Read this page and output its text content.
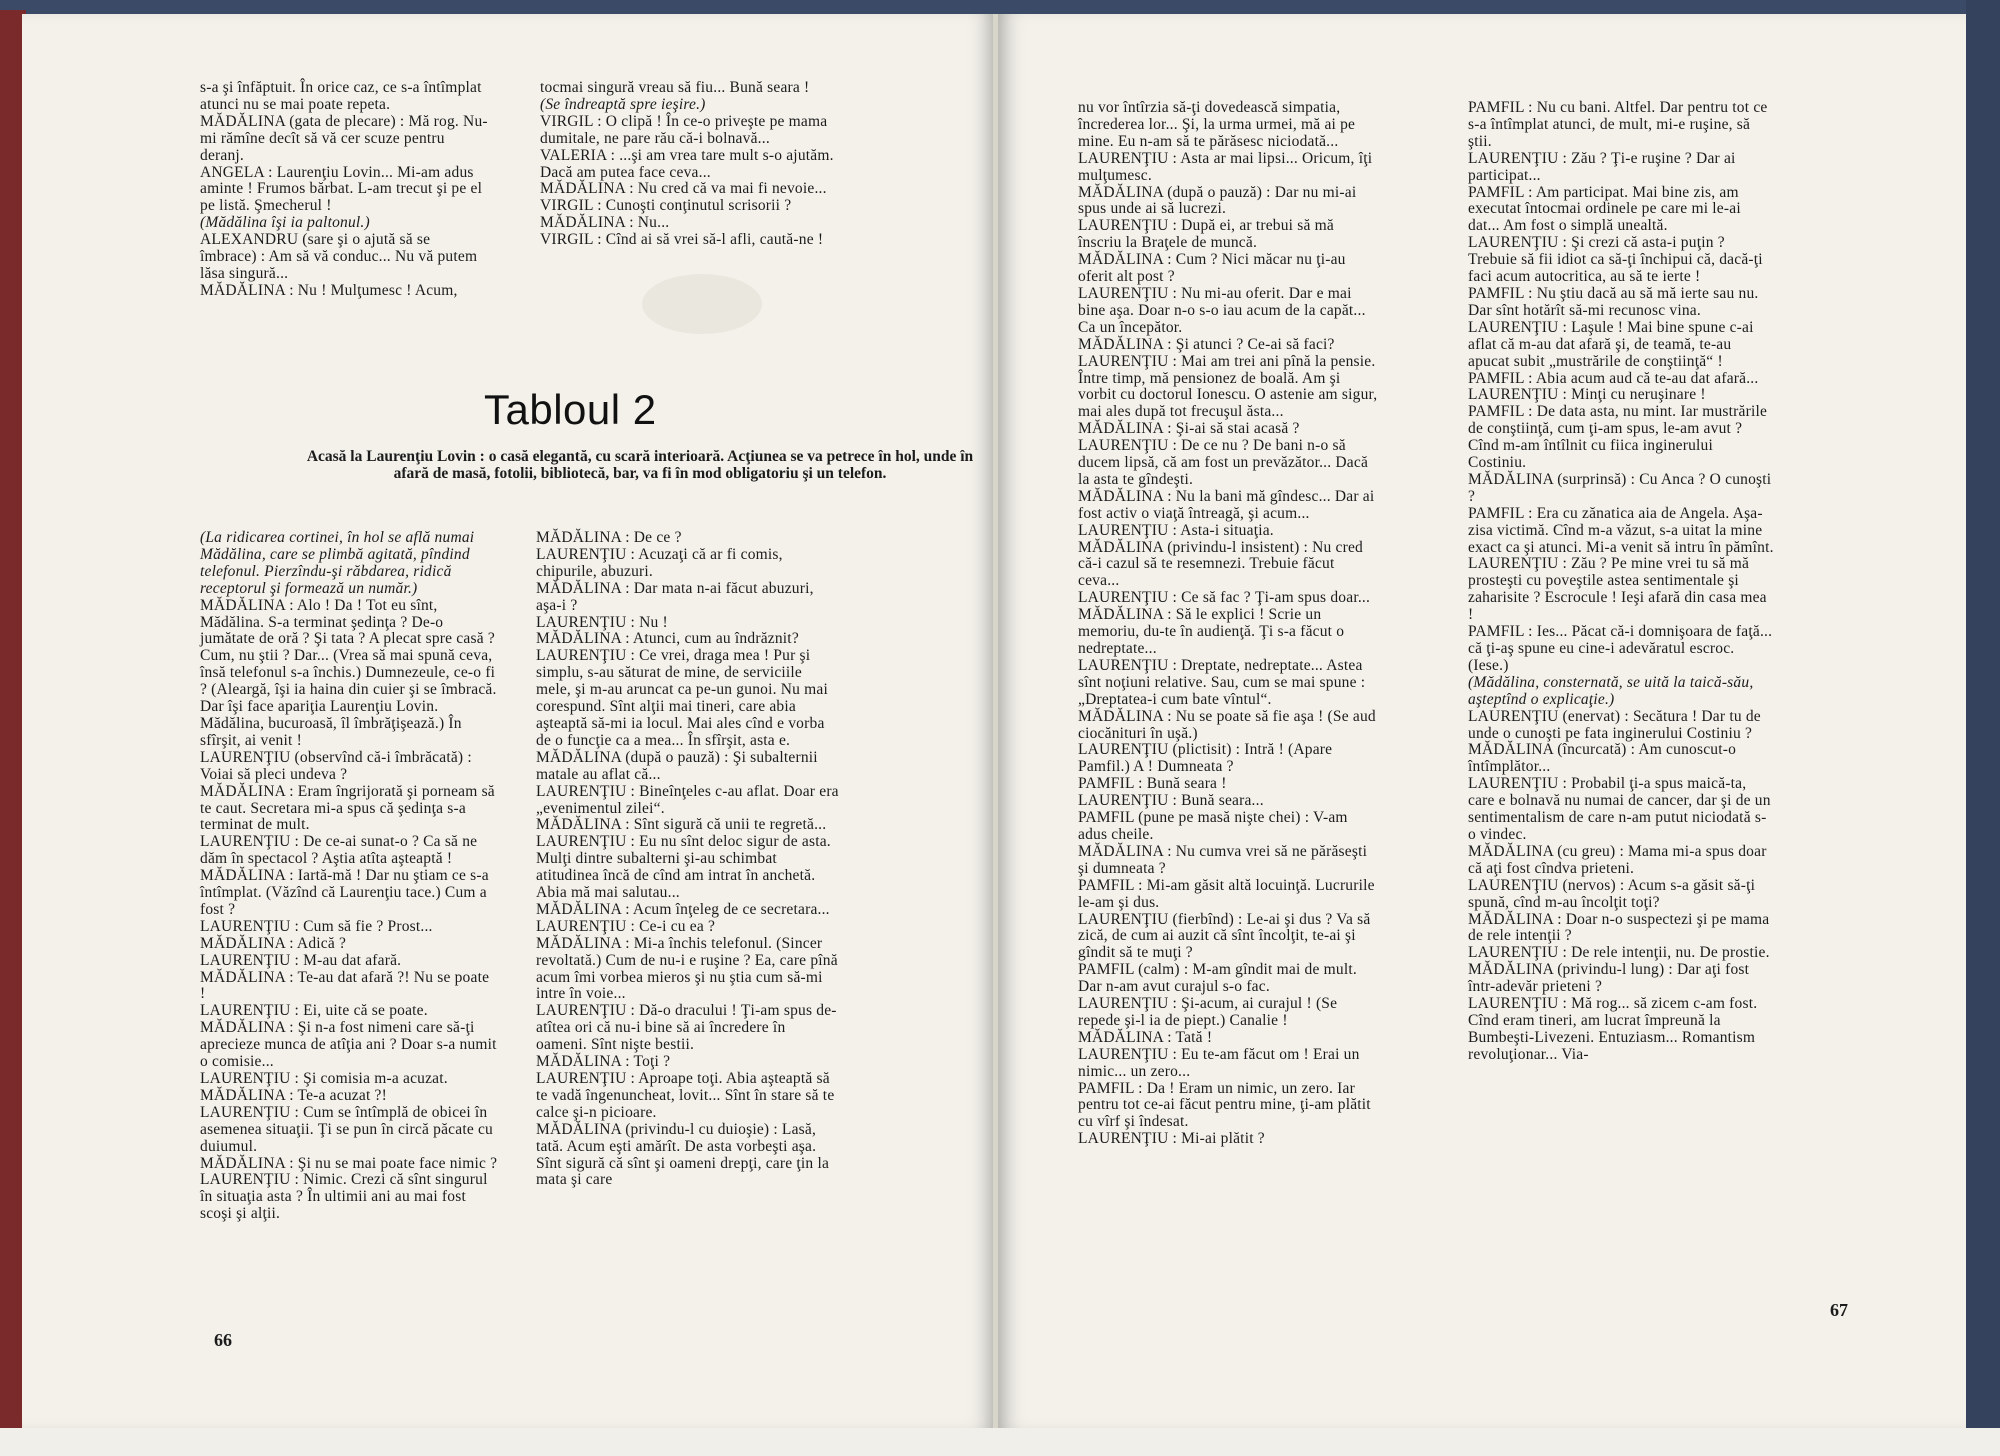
s-a şi înfăptuit. În orice caz, ce s-a întîmplat atunci nu se mai poate repeta.

MĂDĂLINA (gata de plecare) : Mă rog. Nu-mi rămîne decît să vă cer scuze pentru deranj.

ANGELA : Laurenţiu Lovin... Mi-am adus aminte ! Frumos bărbat. L-am trecut şi pe el pe listă. Şmecherul !

(Mădălina îşi ia paltonul.)

ALEXANDRU (sare şi o ajută să se îmbrace) : Am să vă conduc... Nu vă putem lăsa singură...

MĂDĂLINA : Nu ! Mulţumesc ! Acum,

tocmai singură vreau să fiu... Bună seara !

(Se îndreaptă spre ieşire.)

VIRGIL : O clipă ! În ce-o priveşte pe mama dumitale, ne pare rău că-i bolnavă...

VALERIA : ...şi am vrea tare mult s-o ajutăm. Dacă am putea face ceva...

MĂDĂLINA : Nu cred că va mai fi nevoie...

VIRGIL : Cunoşti conţinutul scrisorii ?

MĂDĂLINA : Nu...

VIRGIL : Cînd ai să vrei să-l afli, caută-ne !

Tabloul 2
Acasă la Laurenţiu Lovin : o casă elegantă, cu scară interioară. Acţiunea se va petrece în hol, unde în afară de masă, fotolii, bibliotecă, bar, va fi în mod obligatoriu şi un telefon.

(La ridicarea cortinei, în hol se află numai Mădălina, care se plimbă agitată, pîndind telefonul. Pierzîndu-şi răbdarea, ridică receptorul şi formează un număr.)

MĂDĂLINA : Alo ! Da ! Tot eu sînt, Mădălina. S-a terminat şedinţa ? De-o jumătate de oră ? Şi tata ? A plecat spre casă ? Cum, nu ştii ? Dar... (Vrea să mai spună ceva, însă telefonul s-a închis.) Dumnezeule, ce-o fi ? (Aleargă, îşi ia haina din cuier şi se îmbracă. Dar îşi face apariţia Laurenţiu Lovin. Mădălina, bucuroasă, îl îmbrăţişează.) În sfîrşit, ai venit !

LAURENŢIU (observînd că-i îmbrăcată) : Voiai să pleci undeva ?

MĂDĂLINA : Eram îngrijorată şi porneam să te caut. Secretara mi-a spus că şedinţa s-a terminat de mult.

LAURENŢIU : De ce-ai sunat-o ? Ca să ne dăm în spectacol ? Aştia atîta aşteaptă !

MĂDĂLINA : Iartă-mă ! Dar nu ştiam ce s-a întîmplat. (Văzînd că Laurenţiu tace.) Cum a fost ?

LAURENŢIU : Cum să fie ? Prost...

MĂDĂLINA : Adică ?

LAURENŢIU : M-au dat afară.

MĂDĂLINA : Te-au dat afară ?! Nu se poate !

LAURENŢIU : Ei, uite că se poate.

MĂDĂLINA : Şi n-a fost nimeni care să-ţi aprecieze munca de atîţia ani ? Doar s-a numit o comisie...

LAURENŢIU : Şi comisia m-a acuzat.

MĂDĂLINA : Te-a acuzat ?!

LAURENŢIU : Cum se întîmplă de obicei în asemenea situaţii. Ţi se pun în circă păcate cu duiumul.

MĂDĂLINA : Şi nu se mai poate face nimic ?

LAURENŢIU : Nimic. Crezi că sînt singurul în situaţia asta ? În ultimii ani au mai fost scoşi şi alţii.

MĂDĂLINA : De ce ?

LAURENŢIU : Acuzaţi că ar fi comis, chipurile, abuzuri.

MĂDĂLINA : Dar mata n-ai făcut abuzuri, aşa-i ?

LAURENŢIU : Nu !

MĂDĂLINA : Atunci, cum au îndrăznit?

LAURENŢIU : Ce vrei, draga mea ! Pur şi simplu, s-au săturat de mine, de serviciile mele, şi m-au aruncat ca pe-un gunoi. Nu mai corespund. Sînt alţii mai tineri, care abia aşteaptă să-mi ia locul. Mai ales cînd e vorba de o funcţie ca a mea... În sfîrşit, asta e.

MĂDĂLINA (după o pauză) : Şi subalternii matale au aflat că...

LAURENŢIU : Bineînţeles c-au aflat. Doar era „evenimentul zilei“.

MĂDĂLINA : Sînt sigură că unii te regretă...

LAURENŢIU : Eu nu sînt deloc sigur de asta. Mulţi dintre subalterni şi-au schimbat atitudinea încă de cînd am intrat în anchetă. Abia mă mai salutau...

MĂDĂLINA : Acum înţeleg de ce secretara...

LAURENŢIU : Ce-i cu ea ?

MĂDĂLINA : Mi-a închis telefonul. (Sincer revoltată.) Cum de nu-i e ruşine ? Ea, care pînă acum îmi vorbea mieros şi nu ştia cum să-mi intre în voie...

LAURENŢIU : Dă-o dracului ! Ţi-am spus de-atîtea ori că nu-i bine să ai încredere în oameni. Sînt nişte bestii.

MĂDĂLINA : Toţi ?

LAURENŢIU : Aproape toţi. Abia aşteaptă să te vadă îngenuncheat, lovit... Sînt în stare să te calce şi-n picioare.

MĂDĂLINA (privindu-l cu duioşie) : Lasă, tată. Acum eşti amărît. De asta vorbeşti aşa. Sînt sigură că sînt şi oameni drepţi, care ţin la mata şi care

66

nu vor întîrzia să-ţi dovedească simpatia, încrederea lor... Şi, la urma urmei, mă ai pe mine. Eu n-am să te părăsesc niciodată...

LAURENŢIU : Asta ar mai lipsi... Oricum, îţi mulţumesc.

MĂDĂLINA (după o pauză) : Dar nu mi-ai spus unde ai să lucrezi.

LAURENŢIU : După ei, ar trebui să mă înscriu la Braţele de muncă.

MĂDĂLINA : Cum ? Nici măcar nu ţi-au oferit alt post ?

LAURENŢIU : Nu mi-au oferit. Dar e mai bine aşa. Doar n-o s-o iau acum de la capăt... Ca un începător.

MĂDĂLINA : Şi atunci ? Ce-ai să faci?

LAURENŢIU : Mai am trei ani pînă la pensie. Între timp, mă pensionez de boală. Am şi vorbit cu doctorul Ionescu. O astenie am sigur, mai ales după tot frecuşul ăsta...

MĂDĂLINA : Şi-ai să stai acasă ?

LAURENŢIU : De ce nu ? De bani n-o să ducem lipsă, că am fost un prevăzător... Dacă la asta te gîndeşti.

MĂDĂLINA : Nu la bani mă gîndesc... Dar ai fost activ o viaţă întreagă, şi acum...

LAURENŢIU : Asta-i situaţia.

MĂDĂLINA (privindu-l insistent) : Nu cred că-i cazul să te resemnezi. Trebuie făcut ceva...

LAURENŢIU : Ce să fac ? Ţi-am spus doar...

MĂDĂLINA : Să le explici ! Scrie un memoriu, du-te în audienţă. Ţi s-a făcut o nedreptate...

LAURENŢIU : Dreptate, nedreptate... Astea sînt noţiuni relative. Sau, cum se mai spune : „Dreptatea-i cum bate vîntul“.

MĂDĂLINA : Nu se poate să fie aşa ! (Se aud ciocănituri în uşă.)

LAURENŢIU (plictisit) : Intră ! (Apare Pamfil.) A ! Dumneata ?

PAMFIL : Bună seara !

LAURENŢIU : Bună seara...

PAMFIL (pune pe masă nişte chei) : V-am adus cheile.

MĂDĂLINA : Nu cumva vrei să ne părăseşti şi dumneata ?

PAMFIL : Mi-am găsit altă locuinţă. Lucrurile le-am şi dus.

LAURENŢIU (fierbînd) : Le-ai şi dus ? Va să zică, de cum ai auzit că sînt încolţit, te-ai şi gîndit să te muţi ?

PAMFIL (calm) : M-am gîndit mai de mult. Dar n-am avut curajul s-o fac.

LAURENŢIU : Şi-acum, ai curajul ! (Se repede şi-l ia de piept.) Canalie !

MĂDĂLINA : Tată !

LAURENŢIU : Eu te-am făcut om ! Erai un nimic... un zero...

PAMFIL : Da ! Eram un nimic, un zero. Iar pentru tot ce-ai făcut pentru mine, ţi-am plătit cu vîrf şi îndesat.

LAURENŢIU : Mi-ai plătit ?

PAMFIL : Nu cu bani. Altfel. Dar pentru tot ce s-a întîmplat atunci, de mult, mi-e ruşine, să ştii.

LAURENŢIU : Zău ? Ţi-e ruşine ? Dar ai participat...

PAMFIL : Am participat. Mai bine zis, am executat întocmai ordinele pe care mi le-ai dat... Am fost o simplă unealtă.

LAURENŢIU : Şi crezi că asta-i puţin ? Trebuie să fii idiot ca să-ţi închipui că, dacă-ţi faci acum autocritica, au să te ierte !

PAMFIL : Nu ştiu dacă au să mă ierte sau nu. Dar sînt hotărît să-mi recunosc vina.

LAURENŢIU : Laşule ! Mai bine spune c-ai aflat că m-au dat afară şi, de teamă, te-au apucat subit „mustrările de conştiinţă“ !

PAMFIL : Abia acum aud că te-au dat afară...

LAURENŢIU : Minţi cu neruşinare !

PAMFIL : De data asta, nu mint. Iar mustrările de conştiinţă, cum ţi-am spus, le-am avut ? Cînd m-am întîlnit cu fiica inginerului Costiniu.

MĂDĂLINA (surprinsă) : Cu Anca ? O cunoşti ?

PAMFIL : Era cu zănatica aia de Angela. Aşa-zisa victimă. Cînd m-a văzut, s-a uitat la mine exact ca şi atunci. Mi-a venit să intru în pămînt.

LAURENŢIU : Zău ? Pe mine vrei tu să mă prosteşti cu poveştile astea sentimentale şi zaharisite ? Escrocule ! Ieşi afară din casa mea !

PAMFIL : Ies... Păcat că-i domnişoara de faţă... că ţi-aş spune eu cine-i adevăratul escroc. (Iese.)

(Mădălina, consternată, se uită la taică-său, aşteptînd o explicaţie.)

LAURENŢIU (enervat) : Secătura ! Dar tu de unde o cunoşti pe fata inginerului Costiniu ?

MĂDĂLINA (încurcată) : Am cunoscut-o întîmplător...

LAURENŢIU : Probabil ţi-a spus maică-ta, care e bolnavă nu numai de cancer, dar şi de un sentimentalism de care n-am putut niciodată s-o vindec.

MĂDĂLINA (cu greu) : Mama mi-a spus doar că aţi fost cîndva prieteni.

LAURENŢIU (nervos) : Acum s-a găsit să-ţi spună, cînd m-au încolţit toţi?

MĂDĂLINA : Doar n-o suspectezi şi pe mama de rele intenţii ?

LAURENŢIU : De rele intenţii, nu. De prostie.

MĂDĂLINA (privindu-l lung) : Dar aţi fost într-adevăr prieteni ?

LAURENŢIU : Mă rog... să zicem c-am fost. Cînd eram tineri, am lucrat împreună la Bumbeşti-Livezeni. Entuziasm... Romantism revoluţionar... Via-

67
